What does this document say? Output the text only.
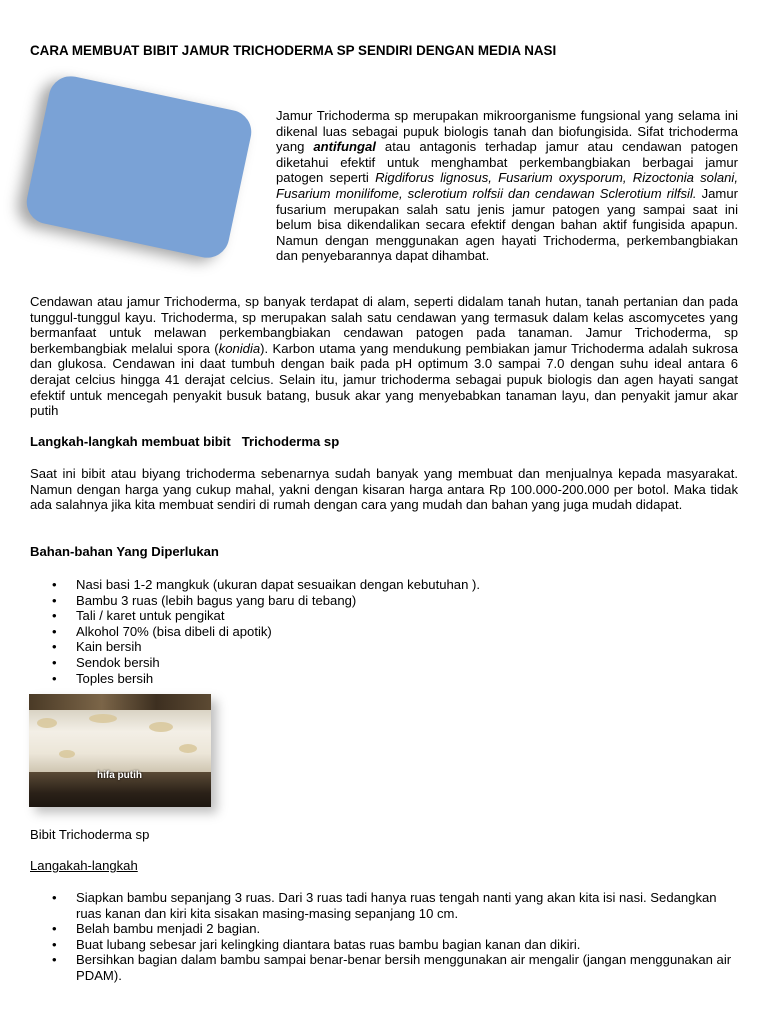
CARA MEMBUAT BIBIT JAMUR TRICHODERMA SP SENDIRI DENGAN MEDIA NASI
Jamur Trichoderma sp merupakan mikroorganisme fungsional yang selama ini dikenal luas sebagai pupuk biologis tanah dan biofungisida. Sifat trichoderma yang antifungal atau antagonis terhadap jamur atau cendawan patogen diketahui efektif untuk menghambat perkembangbiakan berbagai jamur patogen seperti Rigdiforus lignosus, Fusarium oxysporum, Rizoctonia solani, Fusarium monilifome, sclerotium rolfsii dan cendawan Sclerotium rilfsil. Jamur fusarium merupakan salah satu jenis jamur patogen yang sampai saat ini belum bisa dikendalikan secara efektif dengan bahan aktif fungisida apapun. Namun dengan menggunakan agen hayati Trichoderma, perkembangbiakan dan penyebarannya dapat dihambat.
Cendawan atau jamur Trichoderma, sp banyak terdapat di alam, seperti didalam tanah hutan, tanah pertanian dan pada tunggul-tunggul kayu. Trichoderma, sp merupakan salah satu cendawan yang termasuk dalam kelas ascomycetes yang bermanfaat untuk melawan perkembangbiakan cendawan patogen pada tanaman. Jamur Trichoderma, sp berkembangbiak melalui spora (konidia). Karbon utama yang mendukung pembiakan jamur Trichoderma adalah sukrosa dan glukosa. Cendawan ini daat tumbuh dengan baik pada pH optimum 3.0 sampai 7.0 dengan suhu ideal antara 6 derajat celcius hingga 41 derajat celcius. Selain itu, jamur trichoderma sebagai pupuk biologis dan agen hayati sangat efektif untuk mencegah penyakit busuk batang, busuk akar yang menyebabkan tanaman layu, dan penyakit jamur akar putih
Langkah-langkah membuat bibit   Trichoderma sp
Saat ini bibit atau biyang trichoderma sebenarnya sudah banyak yang membuat dan menjualnya kepada masyarakat. Namun dengan harga yang cukup mahal, yakni dengan kisaran harga antara Rp 100.000-200.000 per botol. Maka tidak ada salahnya jika kita membuat sendiri di rumah dengan cara yang mudah dan bahan yang juga mudah didapat.
Bahan-bahan Yang Diperlukan
• Nasi basi 1-2 mangkuk (ukuran dapat sesuaikan dengan kebutuhan ).
• Bambu 3 ruas (lebih bagus yang baru di tebang)
• Tali / karet untuk pengikat
• Alkohol 70% (bisa dibeli di apotik)
• Kain bersih
• Sendok bersih
• Toples bersih
hifa putih
Bibit Trichoderma sp
Langakah-langkah
• Siapkan bambu sepanjang 3 ruas. Dari 3 ruas tadi hanya ruas tengah nanti yang akan kita isi nasi. Sedangkan ruas kanan dan kiri kita sisakan masing-masing sepanjang 10 cm.
• Belah bambu menjadi 2 bagian.
• Buat lubang sebesar jari kelingking diantara batas ruas bambu bagian kanan dan dikiri.
• Bersihkan bagian dalam bambu sampai benar-benar bersih menggunakan air mengalir (jangan menggunakan air PDAM).
